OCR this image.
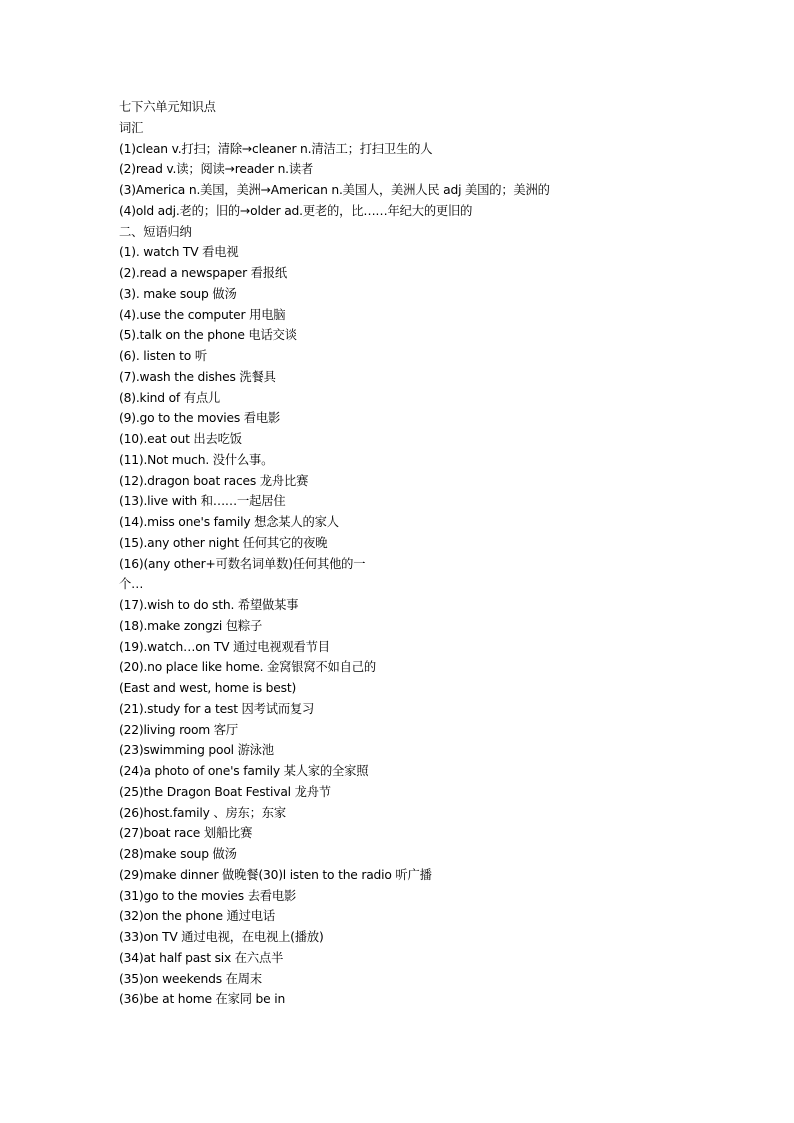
七下六单元知识点
词汇
(1)clean v.打扫；清除→cleaner n.清洁工；打扫卫生的人
(2)read v.读；阅读→reader n.读者
(3)America n.美国，美洲→American n.美国人，美洲人民 adj 美国的；美洲的
(4)old adj.老的；旧的→older ad.更老的，比……年纪大的更旧的
二、短语归纳
(1). watch TV 看电视
(2).read a newspaper 看报纸
(3). make soup 做汤
(4).use the computer 用电脑
(5).talk on the phone 电话交谈
(6). listen to 听
(7).wash the dishes 洗餐具
(8).kind of 有点儿
(9).go to the movies 看电影
(10).eat out 出去吃饭
(11).Not much. 没什么事。
(12).dragon boat races 龙舟比赛
(13).live with 和……一起居住
(14).miss one's family 想念某人的家人
(15).any other night 任何其它的夜晚
(16)(any other+可数名词单数)任何其他的一
个…
(17).wish to do sth. 希望做某事
(18).make zongzi 包粽子
(19).watch…on TV 通过电视观看节目
(20).no place like home. 金窝银窝不如自己的
(East and west, home is best)
(21).study for a test 因考试而复习
(22)living room 客厅
(23)swimming pool 游泳池
(24)a photo of one's family 某人家的全家照
(25)the Dragon Boat Festival 龙舟节
(26)host.family 、房东；东家
(27)boat race 划船比赛
(28)make soup 做汤
(29)make dinner 做晚餐(30)l isten to the radio 听广播
(31)go to the movies 去看电影
(32)on the phone 通过电话
(33)on TV 通过电视，在电视上(播放)
(34)at half past six 在六点半
(35)on weekends 在周末
(36)be at home 在家同 be in
